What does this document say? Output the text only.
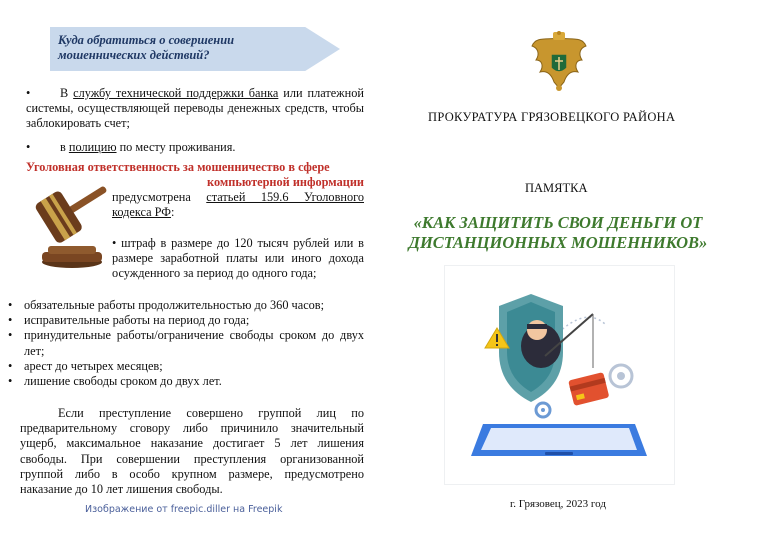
Куда обратиться о совершении мошеннических действий?
• В службу технической поддержки банка или платежной системы, осуществляющей переводы денежных средств, чтобы заблокировать счет;
• в полицию по месту проживания.
Уголовная ответственность за мошенничество в сфере
компьютерной информации
предусмотрена статьей 159.6 Уголовного кодекса РФ:
• штраф в размере до 120 тысяч рублей или в размере заработной платы или иного дохода осужденного за период до одного года;
• обязательные работы продолжительностью до 360 часов;
• исправительные работы на период до года;
• принудительные работы/ограничение свободы сроком до двух лет;
• арест до четырех месяцев;
• лишение свободы сроком до двух лет.
Если преступление совершено группой лиц по предварительному сговору либо причинило значительный ущерб, максимальное наказание достигает 5 лет лишения свободы. При совершении преступления организованной группой либо в особо крупном размере, предусмотрено наказание до 10 лет лишения свободы.
Изображение от freepic.diller на Freepik
ПРОКУРАТУРА ГРЯЗОВЕЦКОГО РАЙОНА
ПАМЯТКА
«КАК ЗАЩИТИТЬ СВОИ ДЕНЬГИ ОТ ДИСТАНЦИОННЫХ МОШЕННИКОВ»
г. Грязовец, 2023 год
